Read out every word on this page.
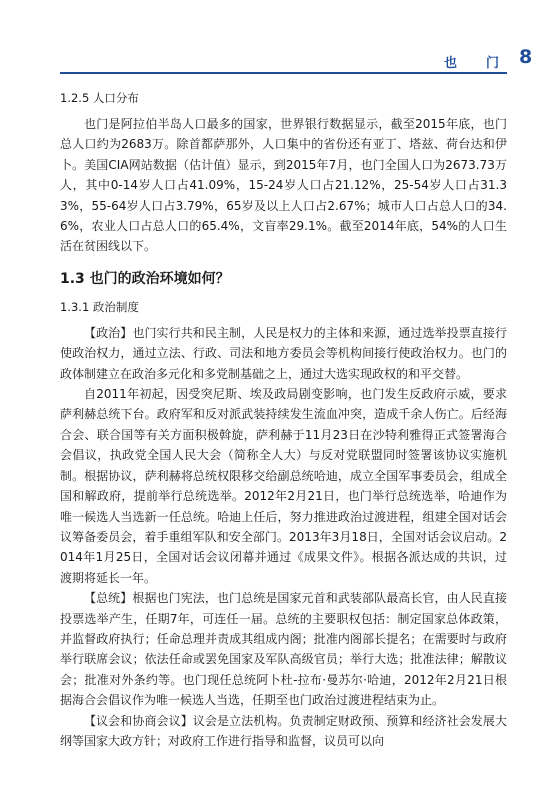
也　门 8
1.2.5 人口分布

也门是阿拉伯半岛人口最多的国家，世界银行数据显示，截至2015年底，也门总人口约为2683万。除首都萨那外，人口集中的省份还有亚丁、塔兹、荷台达和伊卜。美国CIA网站数据（估计值）显示，到2015年7月，也门全国人口为2673.73万人，其中0-14岁人口占41.09%，15-24岁人口占21.12%，25-54岁人口占31.33%，55-64岁人口占3.79%，65岁及以上人口占2.67%；城市人口占总人口的34.6%，农业人口占总人口的65.4%，文盲率29.1%。截至2014年底，54%的人口生活在贫困线以下。

1.3 也门的政治环境如何？
1.3.1 政治制度

【政治】也门实行共和民主制，人民是权力的主体和来源，通过选举投票直接行使政治权力，通过立法、行政、司法和地方委员会等机构间接行使政治权力。也门的政体制建立在政治多元化和多党制基础之上，通过大选实现政权的和平交替。

自2011年初起，因受突尼斯、埃及政局剧变影响，也门发生反政府示威，要求萨利赫总统下台。政府军和反对派武装持续发生流血冲突，造成千余人伤亡。后经海合会、联合国等有关方面积极斡旋，萨利赫于11月23日在沙特利雅得正式签署海合会倡议，执政党全国人民大会（简称全人大）与反对党联盟同时签署该协议实施机制。根据协议，萨利赫将总统权限移交给副总统哈迪，成立全国军事委员会，组成全国和解政府，提前举行总统选举。2012年2月21日，也门举行总统选举，哈迪作为唯一候选人当选新一任总统。哈迪上任后，努力推进政治过渡进程，组建全国对话会议筹备委员会，着手重组军队和安全部门。2013年3月18日，全国对话会议启动。2014年1月25日，全国对话会议闭幕并通过《成果文件》。根据各派达成的共识，过渡期将延长一年。

【总统】根据也门宪法，也门总统是国家元首和武装部队最高长官，由人民直接投票选举产生，任期7年，可连任一届。总统的主要职权包括：制定国家总体政策，并监督政府执行；任命总理并责成其组成内阁；批准内阁部长提名；在需要时与政府举行联席会议；依法任命或罢免国家及军队高级官员；举行大选；批准法律；解散议会；批准对外条约等。也门现任总统阿卜杜-拉布·曼苏尔·哈迪，2012年2月21日根据海合会倡议作为唯一候选人当选，任期至也门政治过渡进程结束为止。

【议会和协商会议】议会是立法机构。负责制定财政预、预算和经济社会发展大纲等国家大政方针；对政府工作进行指导和监督，议员可以向
